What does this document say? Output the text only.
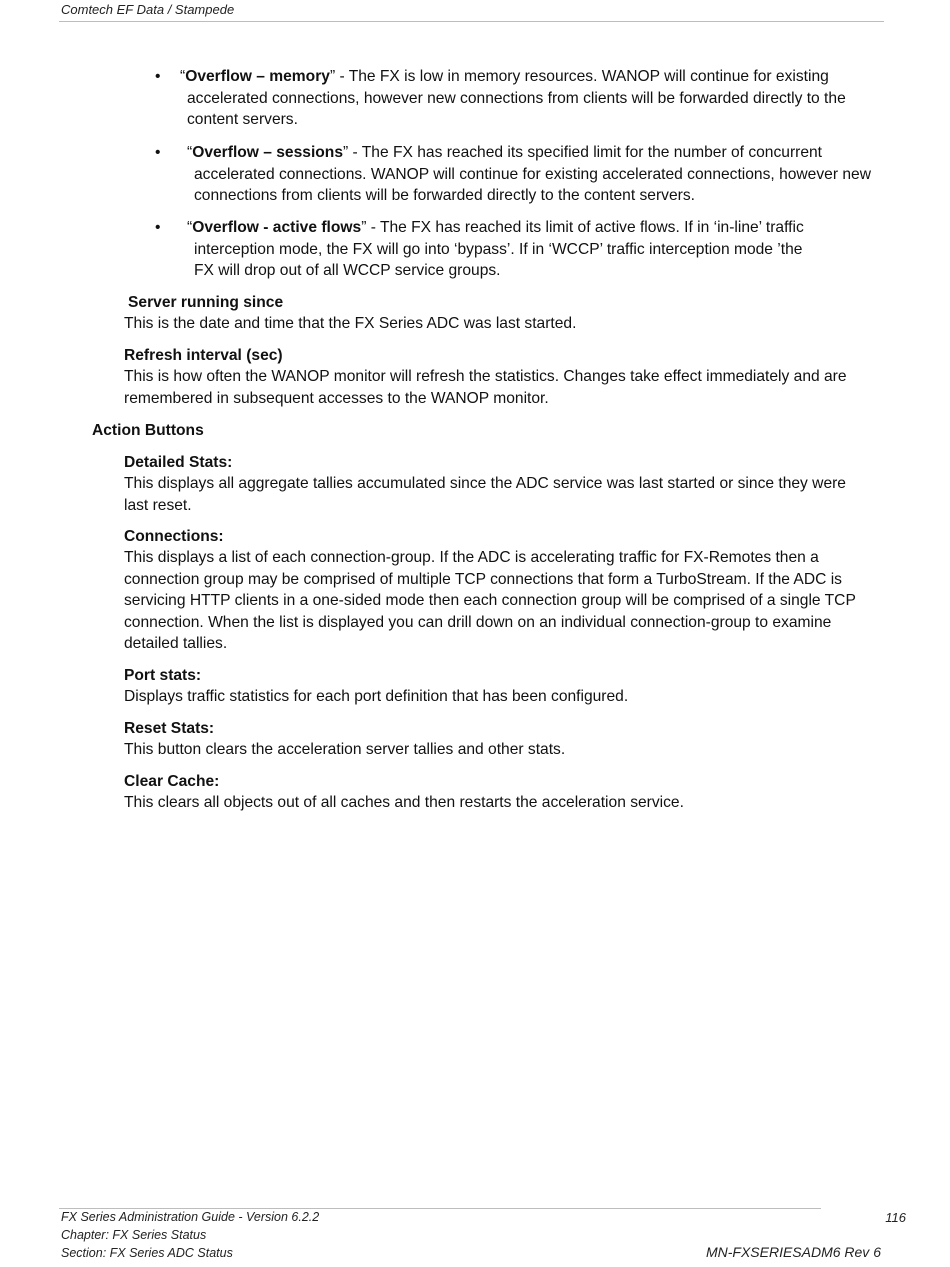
Comtech EF Data / Stampede
• “Overflow – memory” - The FX is low in memory resources. WANOP will continue for existing accelerated connections, however new connections from clients will be forwarded directly to the content servers.
• “Overflow – sessions” - The FX has reached its specified limit for the number of concurrent accelerated connections. WANOP will continue for existing accelerated connections, however new connections from clients will be forwarded directly to the content servers.
• “Overflow - active flows” - The FX has reached its limit of active flows. If in ‘in-line’ traffic interception mode, the FX will go into ‘bypass’. If in ‘WCCP’ traffic interception mode ’the FX will drop out of all WCCP service groups.
Server running since
This is the date and time that the FX Series ADC was last started.
Refresh interval (sec)
This is how often the WANOP monitor will refresh the statistics. Changes take effect immediately and are remembered in subsequent accesses to the WANOP monitor.
Action Buttons
Detailed Stats:
This displays all aggregate tallies accumulated since the ADC service was last started or since they were last reset.
Connections:
This displays a list of each connection-group. If the ADC is accelerating traffic for FX-Remotes then a connection group may be comprised of multiple TCP connections that form a TurboStream. If the ADC is servicing HTTP clients in a one-sided mode then each connection group will be comprised of a single TCP connection. When the list is displayed you can drill down on an individual connection-group to examine detailed tallies.
Port stats:
Displays traffic statistics for each port definition that has been configured.
Reset Stats:
This button clears the acceleration server tallies and other stats.
Clear Cache:
This clears all objects out of all caches and then restarts the acceleration service.
FX Series Administration Guide - Version 6.2.2
Chapter: FX Series Status
Section: FX Series ADC Status
116
MN-FXSERIESADM6 Rev 6
